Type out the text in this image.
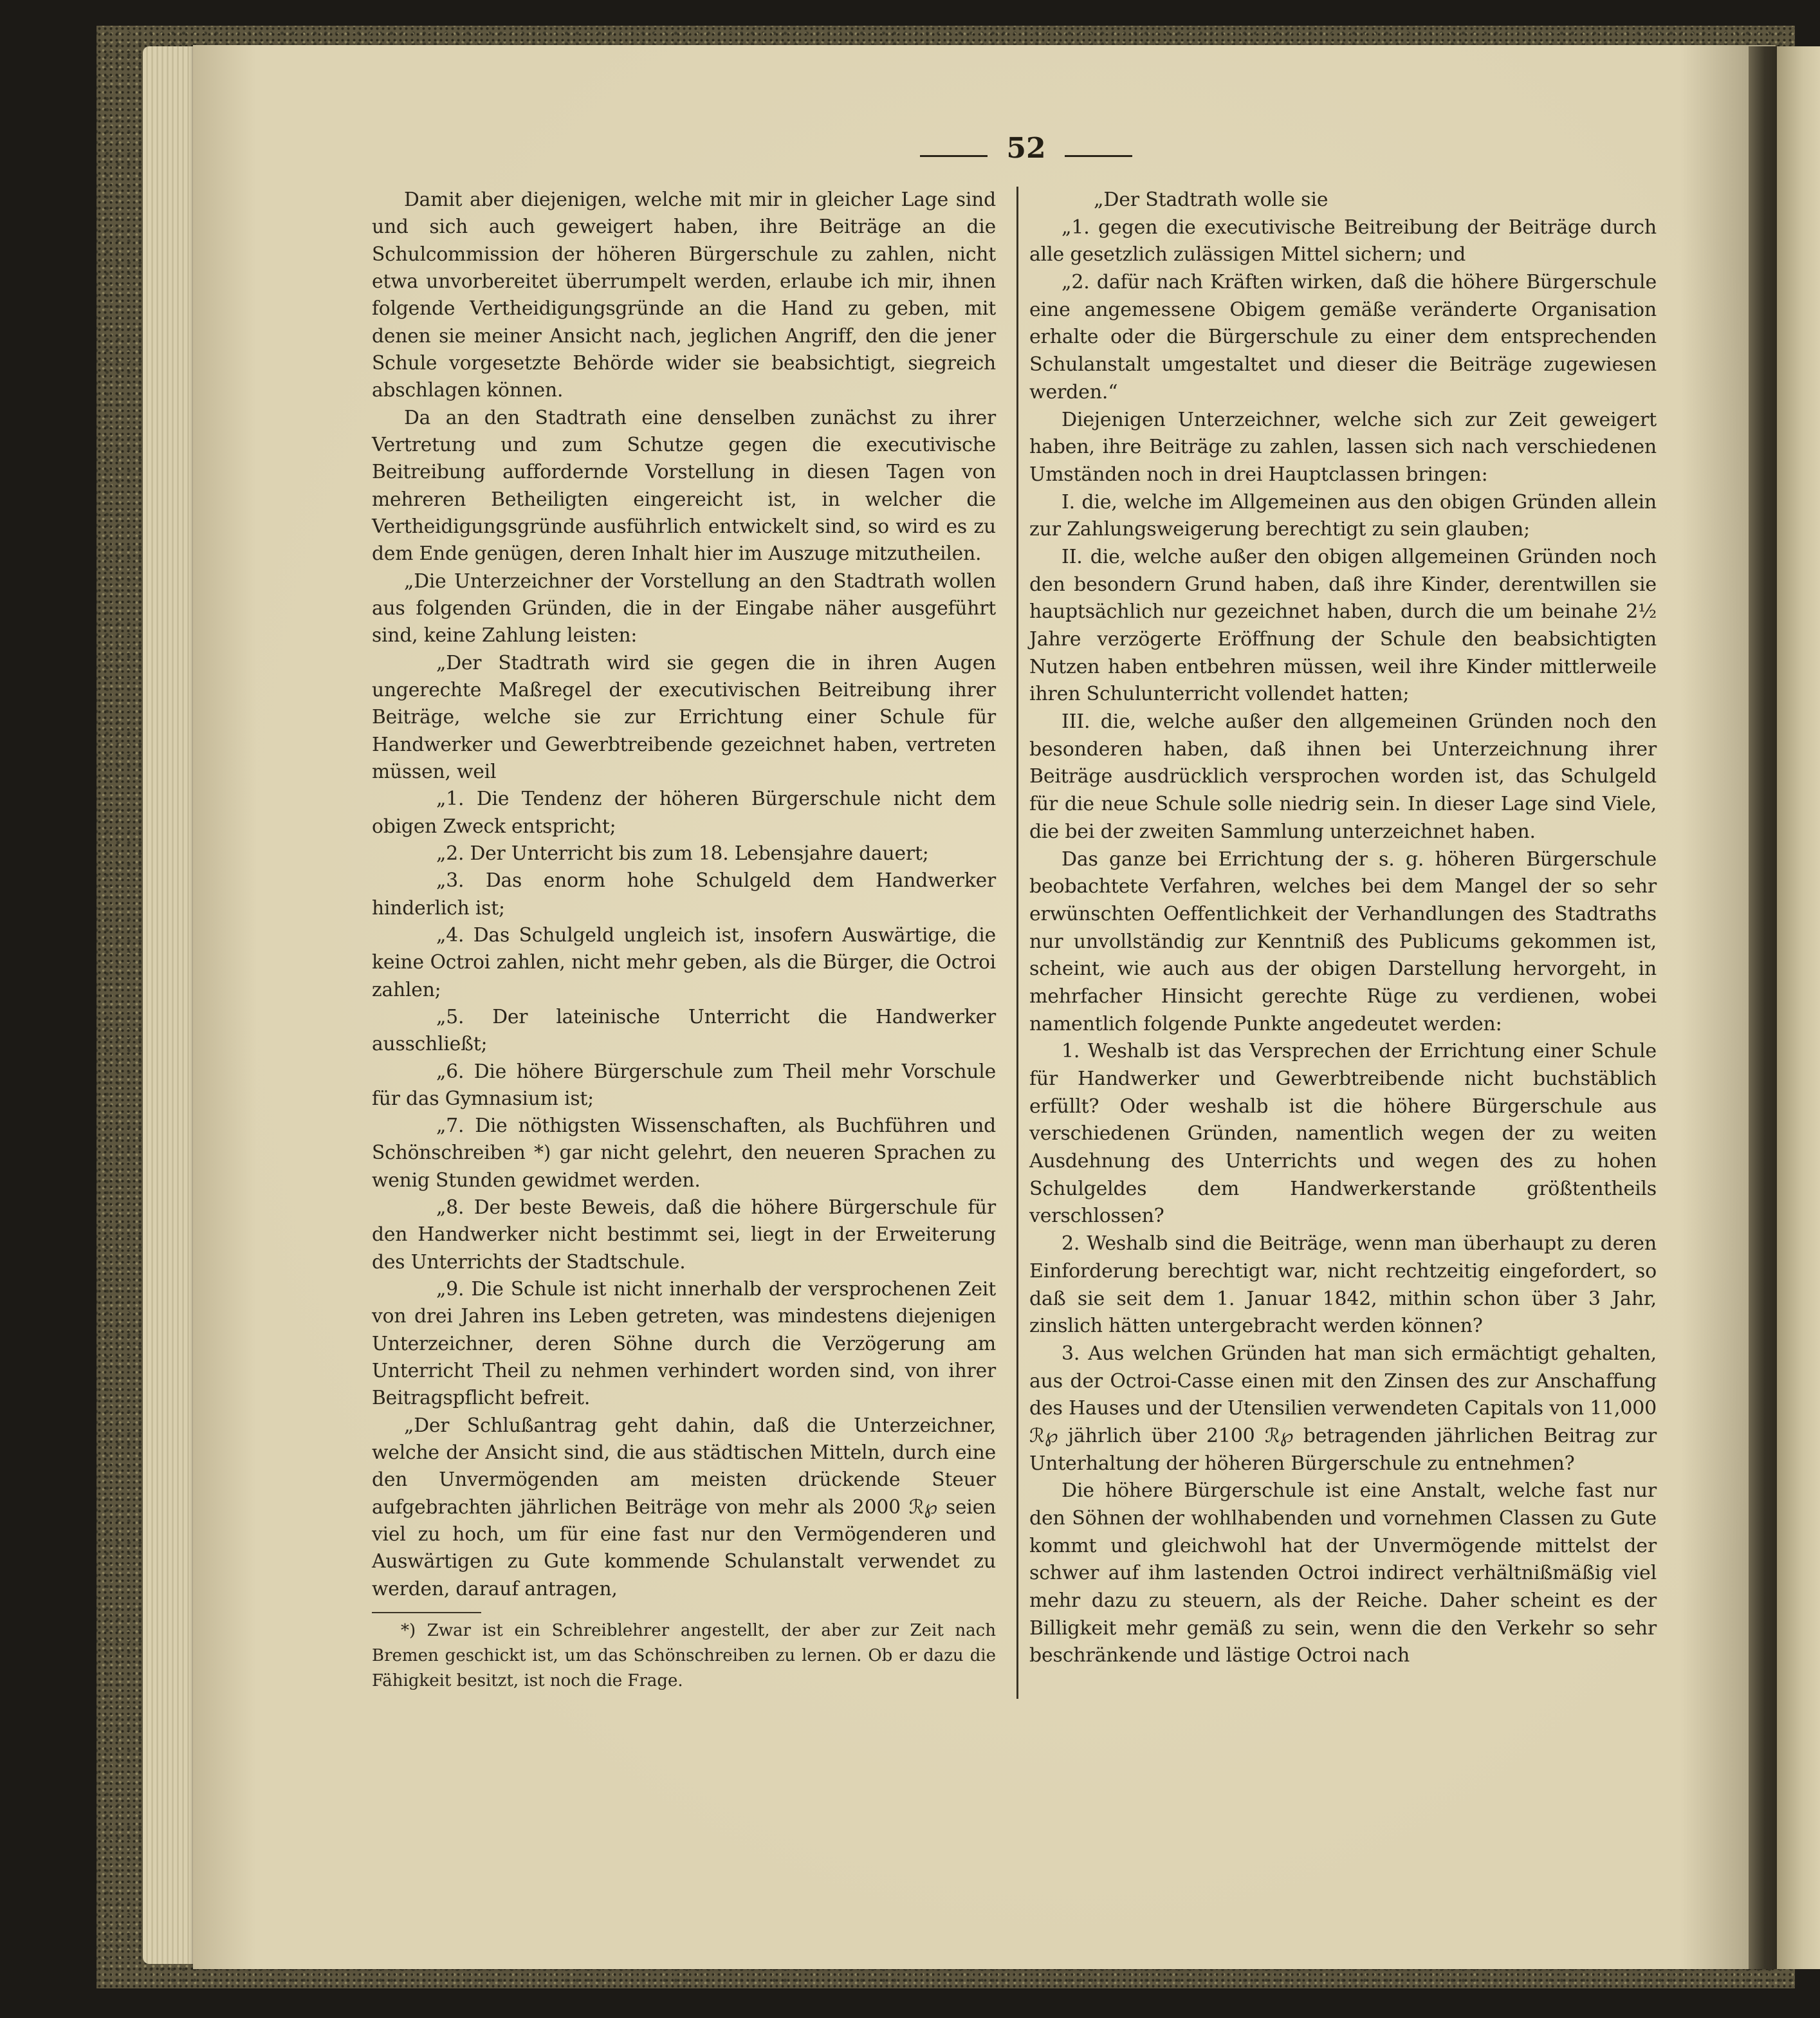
52

Damit aber diejenigen, welche mit mir in gleicher Lage sind und sich auch geweigert haben, ihre Beiträge an die Schulcommission der höheren Bürgerschule zu zahlen, nicht etwa unvorbereitet überrumpelt werden, erlaube ich mir, ihnen folgende Vertheidigungsgründe an die Hand zu geben, mit denen sie meiner Ansicht nach, jeglichen Angriff, den die jener Schule vorgesetzte Behörde wider sie beabsichtigt, siegreich abschlagen können.

Da an den Stadtrath eine denselben zunächst zu ihrer Vertretung und zum Schutze gegen die executivische Beitreibung auffordernde Vorstellung in diesen Tagen von mehreren Betheiligten eingereicht ist, in welcher die Vertheidigungsgründe ausführlich entwickelt sind, so wird es zu dem Ende genügen, deren Inhalt hier im Auszuge mitzutheilen.

„Die Unterzeichner der Vorstellung an den Stadtrath wollen aus folgenden Gründen, die in der Eingabe näher ausgeführt sind, keine Zahlung leisten:

„Der Stadtrath wird sie gegen die in ihren Augen ungerechte Maßregel der executivischen Beitreibung ihrer Beiträge, welche sie zur Errichtung einer Schule für Handwerker und Gewerbtreibende gezeichnet haben, vertreten müssen, weil

„1. Die Tendenz der höheren Bürgerschule nicht dem obigen Zweck entspricht;

„2. Der Unterricht bis zum 18. Lebensjahre dauert;

„3. Das enorm hohe Schulgeld dem Handwerker hinderlich ist;

„4. Das Schulgeld ungleich ist, insofern Auswärtige, die keine Octroi zahlen, nicht mehr geben, als die Bürger, die Octroi zahlen;

„5. Der lateinische Unterricht die Handwerker ausschließt;

„6. Die höhere Bürgerschule zum Theil mehr Vorschule für das Gymnasium ist;

„7. Die nöthigsten Wissenschaften, als Buchführen und Schönschreiben *) gar nicht gelehrt, den neueren Sprachen zu wenig Stunden gewidmet werden.

„8. Der beste Beweis, daß die höhere Bürgerschule für den Handwerker nicht bestimmt sei, liegt in der Erweiterung des Unterrichts der Stadtschule.

„9. Die Schule ist nicht innerhalb der versprochenen Zeit von drei Jahren ins Leben getreten, was mindestens diejenigen Unterzeichner, deren Söhne durch die Verzögerung am Unterricht Theil zu nehmen verhindert worden sind, von ihrer Beitragspflicht befreit.

„Der Schlußantrag geht dahin, daß die Unterzeichner, welche der Ansicht sind, die aus städtischen Mitteln, durch eine den Unvermögenden am meisten drückende Steuer aufgebrachten jährlichen Beiträge von mehr als 2000 ℛ℘ seien viel zu hoch, um für eine fast nur den Vermögenderen und Auswärtigen zu Gute kommende Schulanstalt verwendet zu werden, darauf antragen,

„Der Stadtrath wolle sie

„1. gegen die executivische Beitreibung der Beiträge durch alle gesetzlich zulässigen Mittel sichern; und

„2. dafür nach Kräften wirken, daß die höhere Bürgerschule eine angemessene Obigem gemäße veränderte Organisation erhalte oder die Bürgerschule zu einer dem entsprechenden Schulanstalt umgestaltet und dieser die Beiträge zugewiesen werden.“

Diejenigen Unterzeichner, welche sich zur Zeit geweigert haben, ihre Beiträge zu zahlen, lassen sich nach verschiedenen Umständen noch in drei Hauptclassen bringen:

I. die, welche im Allgemeinen aus den obigen Gründen allein zur Zahlungsweigerung berechtigt zu sein glauben;

II. die, welche außer den obigen allgemeinen Gründen noch den besondern Grund haben, daß ihre Kinder, derentwillen sie hauptsächlich nur gezeichnet haben, durch die um beinahe 2½ Jahre verzögerte Eröffnung der Schule den beabsichtigten Nutzen haben entbehren müssen, weil ihre Kinder mittlerweile ihren Schulunterricht vollendet hatten;

III. die, welche außer den allgemeinen Gründen noch den besonderen haben, daß ihnen bei Unterzeichnung ihrer Beiträge ausdrücklich versprochen worden ist, das Schulgeld für die neue Schule solle niedrig sein. In dieser Lage sind Viele, die bei der zweiten Sammlung unterzeichnet haben.

Das ganze bei Errichtung der s. g. höheren Bürgerschule beobachtete Verfahren, welches bei dem Mangel der so sehr erwünschten Oeffentlichkeit der Verhandlungen des Stadtraths nur unvollständig zur Kenntniß des Publicums gekommen ist, scheint, wie auch aus der obigen Darstellung hervorgeht, in mehrfacher Hinsicht gerechte Rüge zu verdienen, wobei namentlich folgende Punkte angedeutet werden:

1. Weshalb ist das Versprechen der Errichtung einer Schule für Handwerker und Gewerbtreibende nicht buchstäblich erfüllt? Oder weshalb ist die höhere Bürgerschule aus verschiedenen Gründen, namentlich wegen der zu weiten Ausdehnung des Unterrichts und wegen des zu hohen Schulgeldes dem Handwerkerstande größtentheils verschlossen?

2. Weshalb sind die Beiträge, wenn man überhaupt zu deren Einforderung berechtigt war, nicht rechtzeitig eingefordert, so daß sie seit dem 1. Januar 1842, mithin schon über 3 Jahr, zinslich hätten untergebracht werden können?

3. Aus welchen Gründen hat man sich ermächtigt gehalten, aus der Octroi-Casse einen mit den Zinsen des zur Anschaffung des Hauses und der Utensilien verwendeten Capitals von 11,000 ℛ℘ jährlich über 2100 ℛ℘ betragenden jährlichen Beitrag zur Unterhaltung der höheren Bürgerschule zu entnehmen?

Die höhere Bürgerschule ist eine Anstalt, welche fast nur den Söhnen der wohlhabenden und vornehmen Classen zu Gute kommt und gleichwohl hat der Unvermögende mittelst der schwer auf ihm lastenden Octroi indirect verhältnißmäßig viel mehr dazu zu steuern, als der Reiche. Daher scheint es der Billigkeit mehr gemäß zu sein, wenn die den Verkehr so sehr beschränkende und lästige Octroi nach

*) Zwar ist ein Schreiblehrer angestellt, der aber zur Zeit nach Bremen geschickt ist, um das Schönschreiben zu lernen. Ob er dazu die Fähigkeit besitzt, ist noch die Frage.
